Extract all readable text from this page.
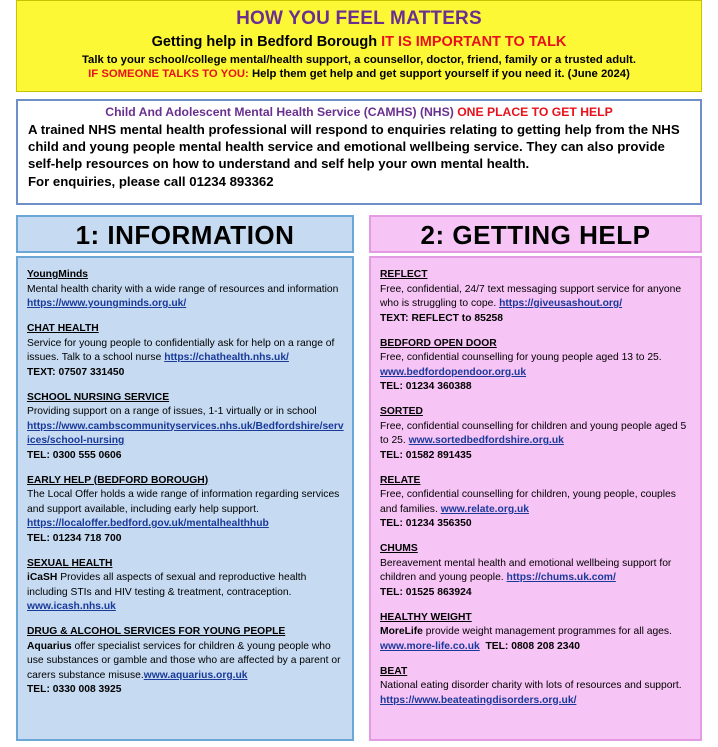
HOW YOU FEEL MATTERS
Getting help in Bedford Borough IT IS IMPORTANT TO TALK
Talk to your school/college mental/health support, a counsellor, doctor, friend, family or a trusted adult.
IF SOMEONE TALKS TO YOU: Help them get help and get support yourself if you need it. (June 2024)
Child And Adolescent Mental Health Service (CAMHS) (NHS) ONE PLACE TO GET HELP
A trained NHS mental health professional will respond to enquiries relating to getting help from the NHS child and young people mental health service and emotional wellbeing service. They can also provide self-help resources on how to understand and self help your own mental health.
For enquiries, please call 01234 893362
1: INFORMATION	2: GETTING HELP
YoungMinds
Mental health charity with a wide range of resources and information
https://www.youngminds.org.uk/
CHAT HEALTH
Service for young people to confidentially ask for help on a range of issues. Talk to a school nurse https://chathealth.nhs.uk/
TEXT: 07507 331450
SCHOOL NURSING SERVICE
Providing support on a range of issues, 1-1 virtually or in school
https://www.cambscommunityservices.nhs.uk/Bedfordshire/services/school-nursing
TEL: 0300 555 0606
EARLY HELP (BEDFORD BOROUGH)
The Local Offer holds a wide range of information regarding services and support available, including early help support.
https://localoffer.bedford.gov.uk/mentalhealthhub
TEL: 01234 718 700
SEXUAL HEALTH
iCaSH Provides all aspects of sexual and reproductive health including STIs and HIV testing & treatment, contraception.
www.icash.nhs.uk
DRUG & ALCOHOL SERVICES FOR YOUNG PEOPLE
Aquarius offer specialist services for children & young people who use substances or gamble and those who are affected by a parent or carers substance misuse.www.aquarius.org.uk
TEL: 0330 008 3925
REFLECT
Free, confidential, 24/7 text messaging support service for anyone who is struggling to cope. https://giveusashout.org/
TEXT: REFLECT to 85258
BEDFORD OPEN DOOR
Free, confidential counselling for young people aged 13 to 25.
www.bedfordopendoor.org.uk
TEL: 01234 360388
SORTED
Free, confidential counselling for children and young people aged 5 to 25. www.sortedbedfordshire.org.uk
TEL: 01582 891435
RELATE
Free, confidential counselling for children, young people, couples and families. www.relate.org.uk
TEL: 01234 356350
CHUMS
Bereavement mental health and emotional wellbeing support for children and young people. https://chums.uk.com/
TEL: 01525 863924
HEALTHY WEIGHT
MoreLife provide weight management programmes for all ages.
www.more-life.co.uk TEL: 0808 208 2340
BEAT
National eating disorder charity with lots of resources and support. https://www.beateatingdisorders.org.uk/
